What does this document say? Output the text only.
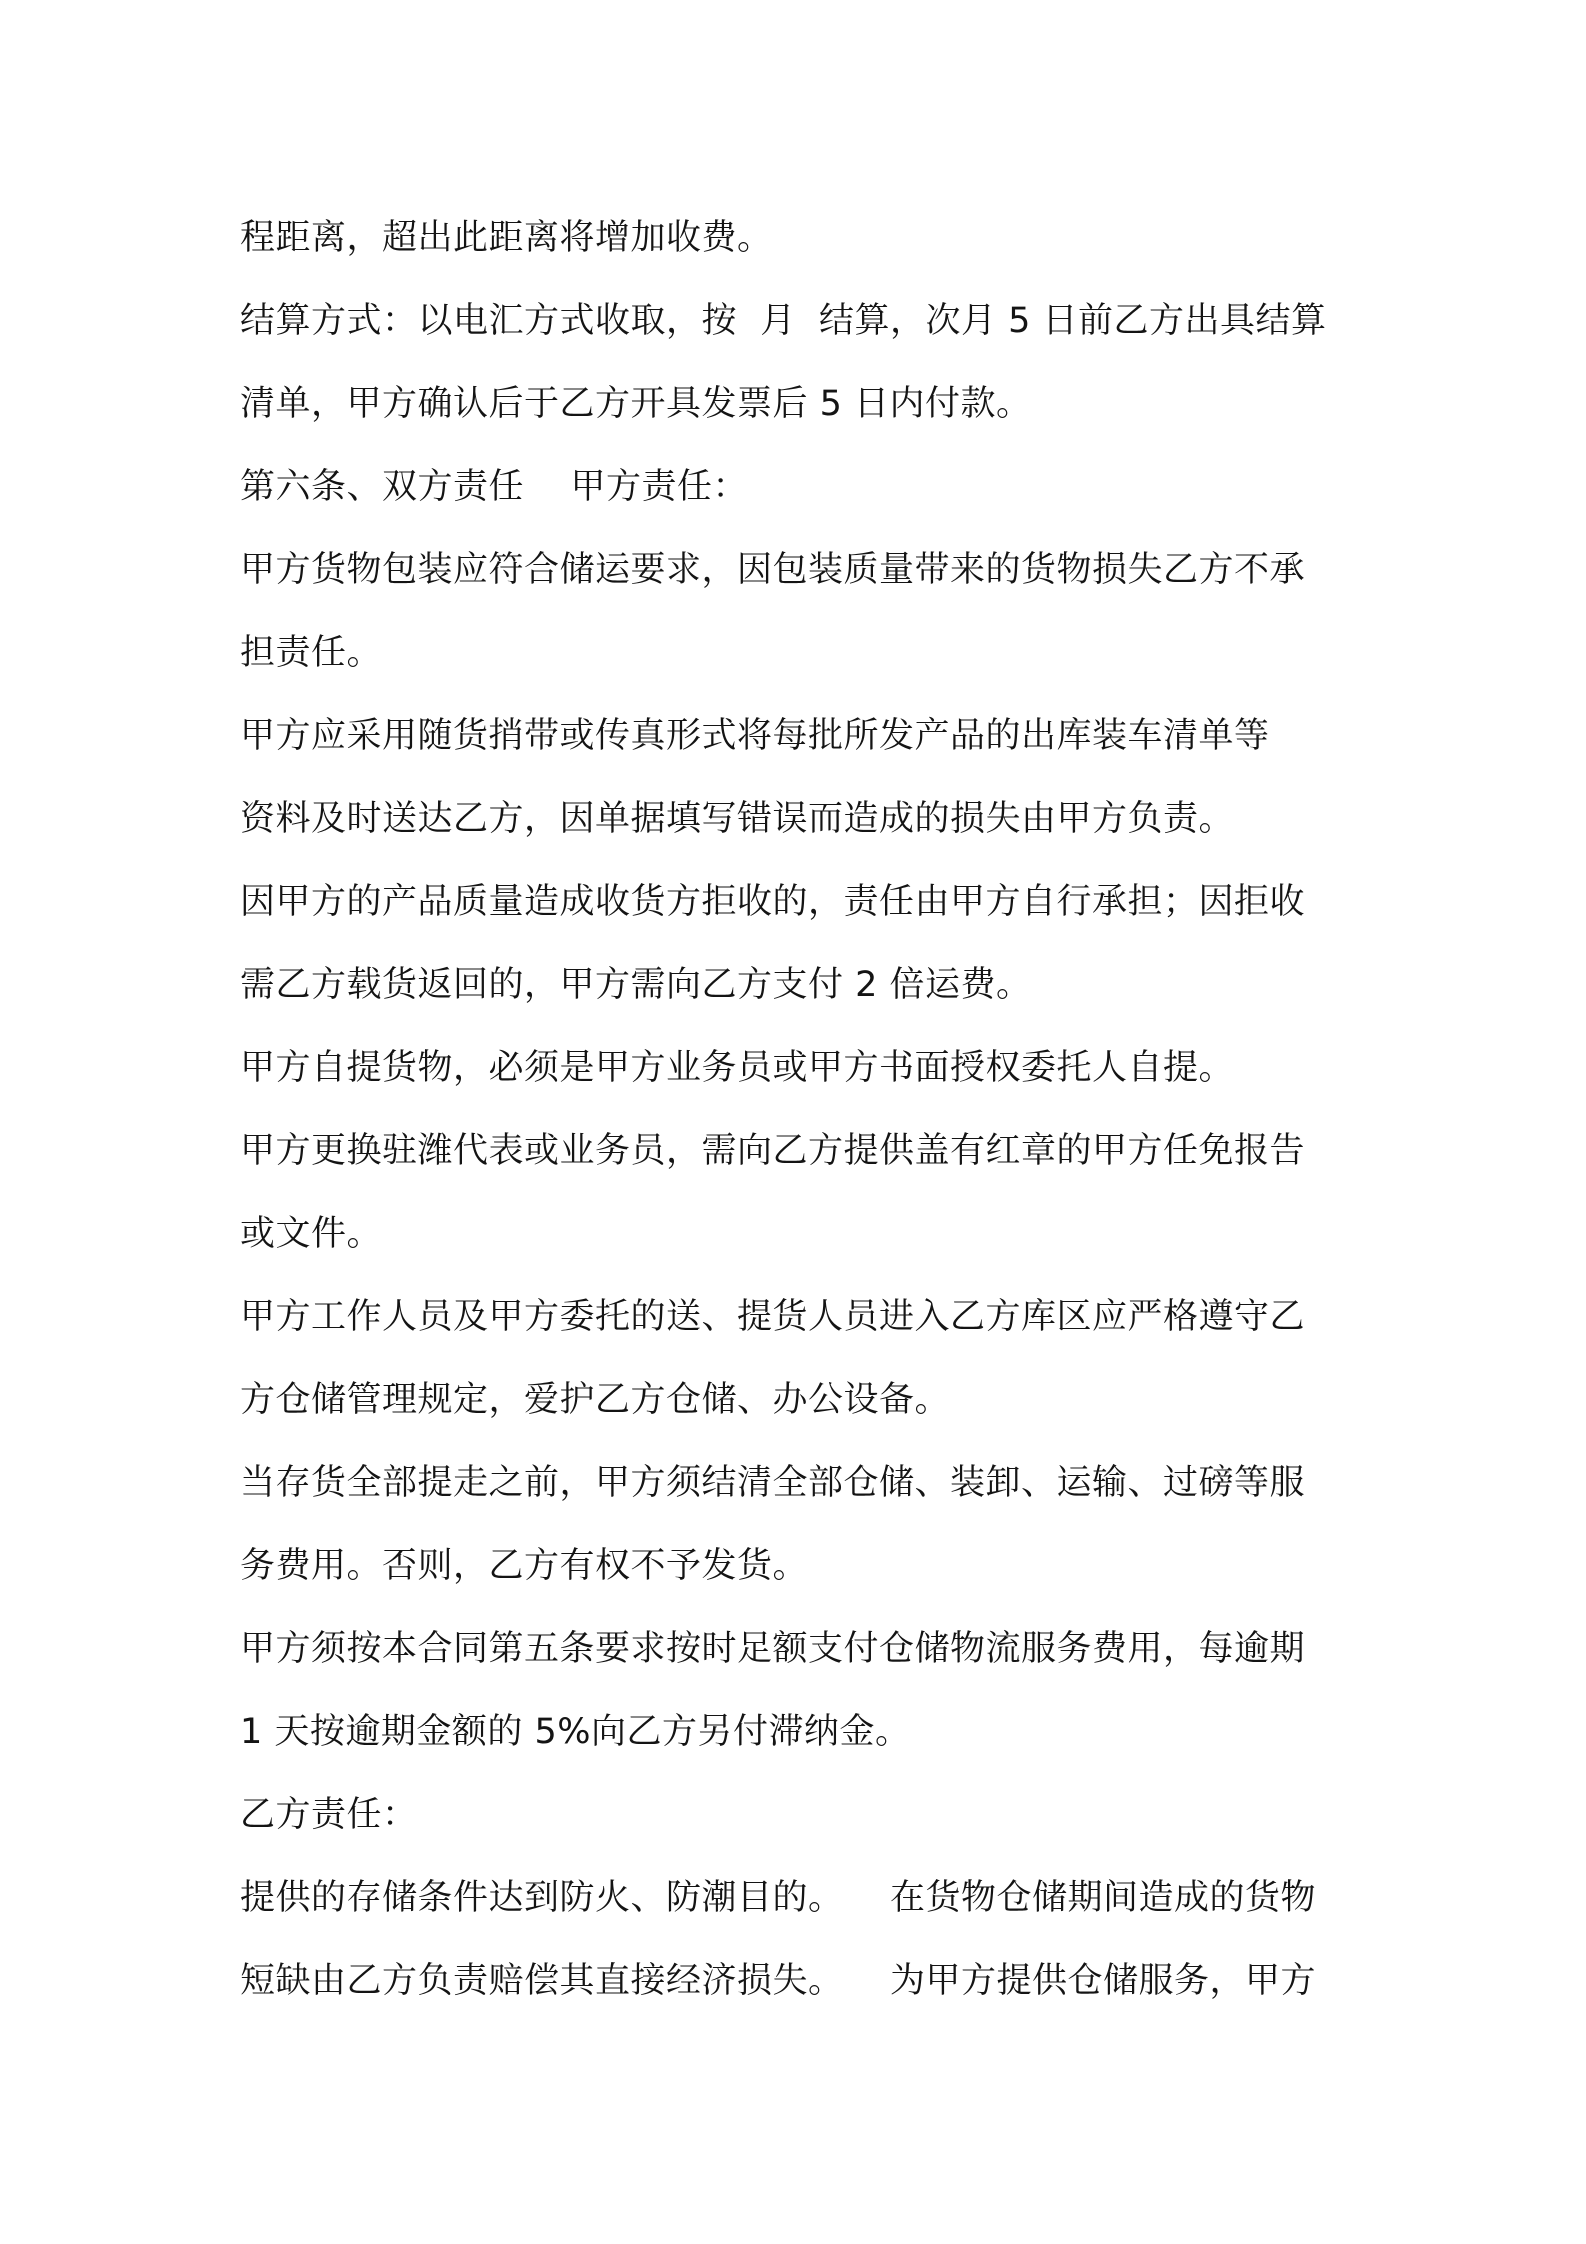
程距离，超出此距离将增加收费。
结算方式：以电汇方式收取，按  月  结算，次月 5 日前乙方出具结算
清单，甲方确认后于乙方开具发票后 5 日内付款。
第六条、双方责任    甲方责任：
甲方货物包装应符合储运要求，因包装质量带来的货物损失乙方不承
担责任。
甲方应采用随货捎带或传真形式将每批所发产品的出库装车清单等
资料及时送达乙方，因单据填写错误而造成的损失由甲方负责。
因甲方的产品质量造成收货方拒收的，责任由甲方自行承担；因拒收
需乙方载货返回的，甲方需向乙方支付 2 倍运费。
甲方自提货物，必须是甲方业务员或甲方书面授权委托人自提。
甲方更换驻潍代表或业务员，需向乙方提供盖有红章的甲方任免报告
或文件。
甲方工作人员及甲方委托的送、提货人员进入乙方库区应严格遵守乙
方仓储管理规定，爱护乙方仓储、办公设备。
当存货全部提走之前，甲方须结清全部仓储、装卸、运输、过磅等服
务费用。否则，乙方有权不予发货。
甲方须按本合同第五条要求按时足额支付仓储物流服务费用，每逾期
1 天按逾期金额的 5%向乙方另付滞纳金。
乙方责任：
提供的存储条件达到防火、防潮目的。    在货物仓储期间造成的货物
短缺由乙方负责赔偿其直接经济损失。    为甲方提供仓储服务，甲方
